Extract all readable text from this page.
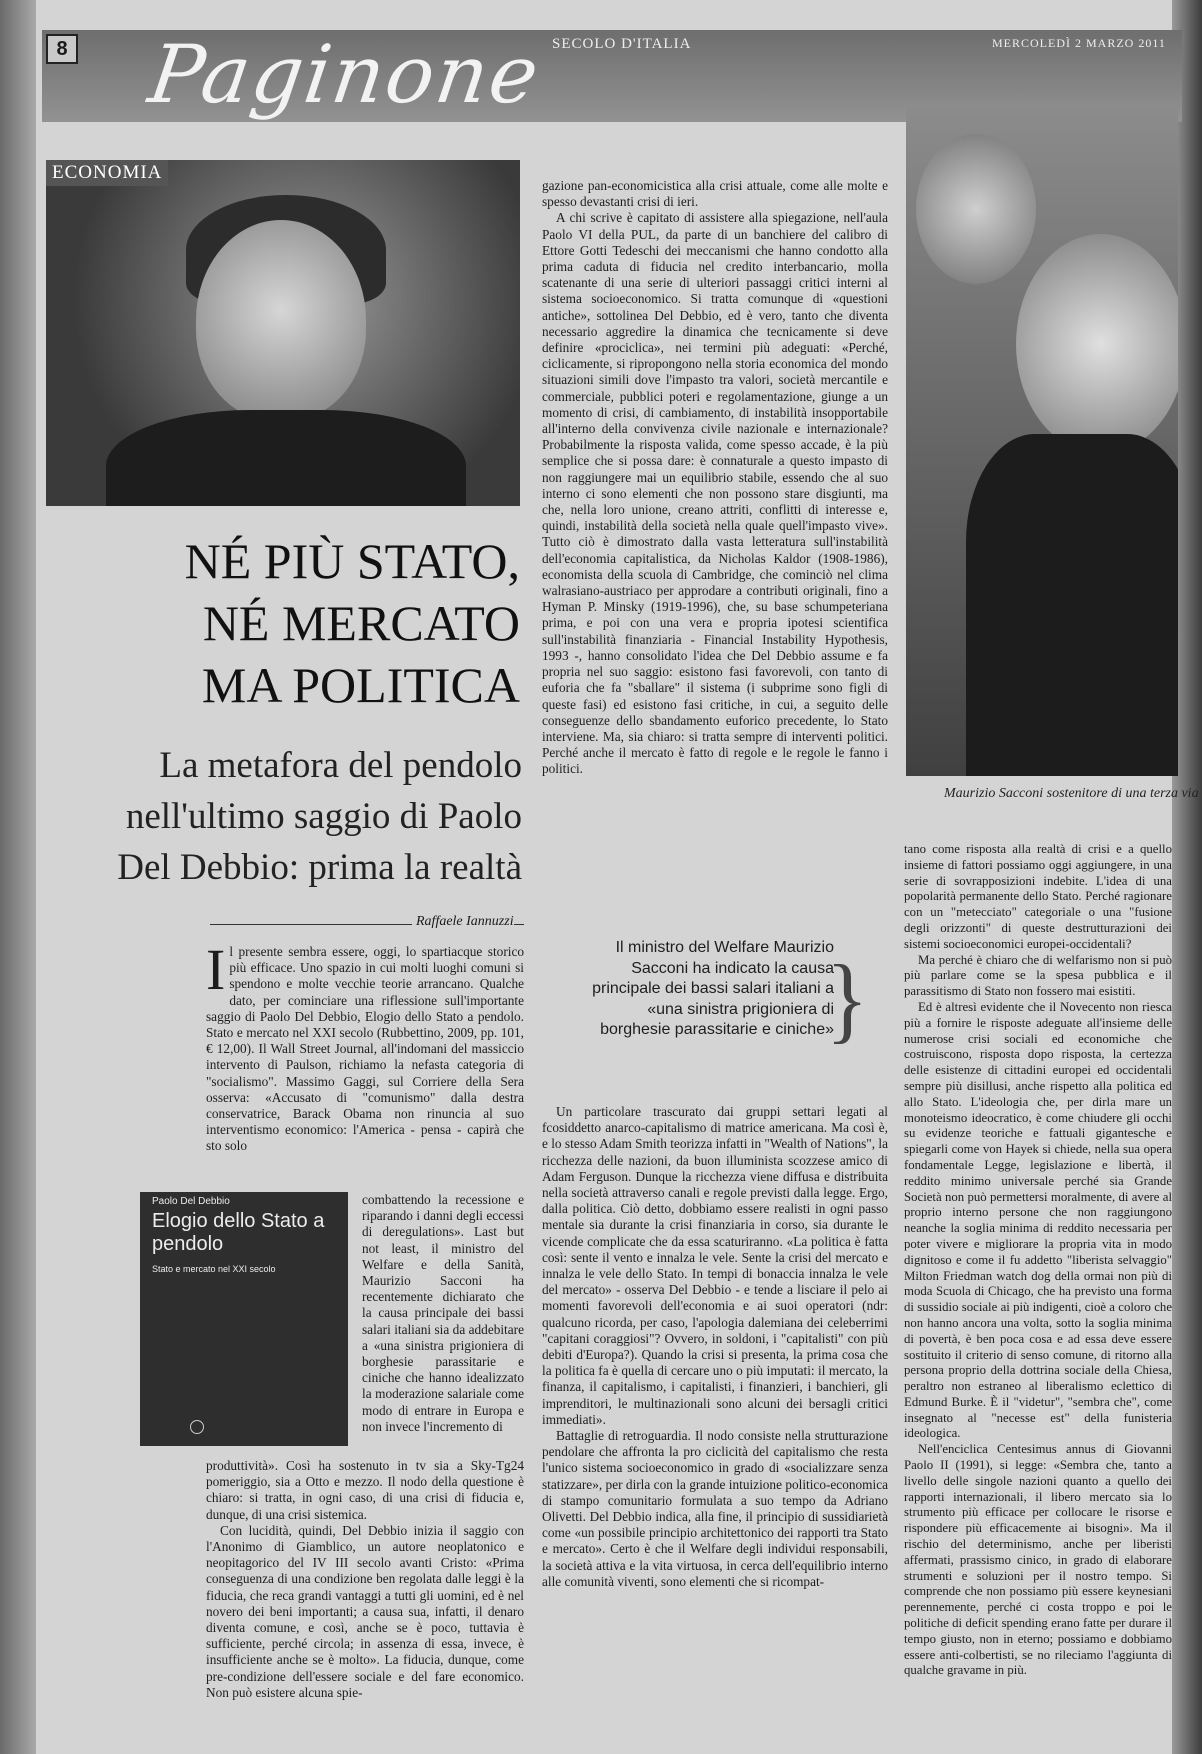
8	SECOLO D'ITALIA	MERCOLEDÌ 2 MARZO 2011
Paginone
ECONOMIA
Maurizio Sacconi sostenitore di una terza via
NÉ PIÙ STATO,
NÉ MERCATO
MA POLITICA
La metafora del pendolo
nell'ultimo saggio di Paolo
Del Debbio: prima la realtà
Raffaele Iannuzzi
I l presente sembra essere, oggi, lo spartiacque storico più efficace. Uno spazio in cui molti luoghi comuni si spendono e molte vecchie teorie arrancano. Qualche dato, per cominciare una riflessione sull'importante saggio di Paolo Del Debbio, Elogio dello Stato a pendolo. Stato e mercato nel XXI secolo (Rubbettino, 2009, pp. 101, € 12,00). Il Wall Street Journal, all'indomani del massiccio intervento di Paulson, richiamo la nefasta categoria di "socialismo". Massimo Gaggi, sul Corriere della Sera osserva: «Accusato di "comunismo" dalla destra conservatrice, Barack Obama non rinuncia al suo interventismo economico: l'America - pensa - capirà che sto solo
Paolo Del Debbio
Elogio dello Stato a pendolo
Stato e mercato nel XXI secolo
combattendo la recessione e riparando i danni degli eccessi di deregulations». Last but not least, il ministro del Welfare e della Sanità, Maurizio Sacconi ha recentemente dichiarato che la causa principale dei bassi salari italiani sia da addebitare a «una sinistra prigioniera di borghesie parassitarie e ciniche che hanno idealizzato la moderazione salariale come modo di entrare in Europa e non invece l'incremento di

produttività». Così ha sostenuto in tv sia a Sky-Tg24 pomeriggio, sia a Otto e mezzo. Il nodo della questione è chiaro: si tratta, in ogni caso, di una crisi di fiducia e, dunque, di una crisi sistemica.

Con lucidità, quindi, Del Debbio inizia il saggio con l'Anonimo di Giamblico, un autore neoplatonico e neopitagorico del IV III secolo avanti Cristo: «Prima conseguenza di una condizione ben regolata dalle leggi è la fiducia, che reca grandi vantaggi a tutti gli uomini, ed è nel novero dei beni importanti; a causa sua, infatti, il denaro diventa comune, e così, anche se è poco, tuttavia è sufficiente, perché circola; in assenza di essa, invece, è insufficiente anche se è molto». La fiducia, dunque, come pre-condizione dell'essere sociale e del fare economico. Non può esistere alcuna spie-

gazione pan-economicistica alla crisi attuale, come alle molte e spesso devastanti crisi di ieri.

A chi scrive è capitato di assistere alla spiegazione, nell'aula Paolo VI della PUL, da parte di un banchiere del calibro di Ettore Gotti Tedeschi dei meccanismi che hanno condotto alla prima caduta di fiducia nel credito interbancario, molla scatenante di una serie di ulteriori passaggi critici interni al sistema socioeconomico. Si tratta comunque di «questioni antiche», sottolinea Del Debbio, ed è vero, tanto che diventa necessario aggredire la dinamica che tecnicamente si deve definire «prociclica», nei termini più adeguati: «Perché, ciclicamente, si ripropongono nella storia economica del mondo situazioni simili dove l'impasto tra valori, società mercantile e commerciale, pubblici poteri e regolamentazione, giunge a un momento di crisi, di cambiamento, di instabilità insopportabile all'interno della convivenza civile nazionale e internazionale? Probabilmente la risposta valida, come spesso accade, è la più semplice che si possa dare: è connaturale a questo impasto di non raggiungere mai un equilibrio stabile, essendo che al suo interno ci sono elementi che non possono stare disgiunti, ma che, nella loro unione, creano attriti, conflitti di interesse e, quindi, instabilità della società nella quale quell'impasto vive». Tutto ciò è dimostrato dalla vasta letteratura sull'instabilità dell'economia capitalistica, da Nicholas Kaldor (1908-1986), economista della scuola di Cambridge, che cominciò nel clima walrasiano-austriaco per approdare a contributi originali, fino a Hyman P. Minsky (1919-1996), che, su base schumpeteriana prima, e poi con una vera e propria ipotesi scientifica sull'instabilità finanziaria - Financial Instability Hypothesis, 1993 -, hanno consolidato l'idea che Del Debbio assume e fa propria nel suo saggio: esistono fasi favorevoli, con tanto di euforia che fa "sballare" il sistema (i subprime sono figli di queste fasi) ed esistono fasi critiche, in cui, a seguito delle conseguenze dello sbandamento euforico precedente, lo Stato interviene. Ma, sia chiaro: si tratta sempre di interventi politici. Perché anche il mercato è fatto di regole e le regole le fanno i politici.

Il ministro del Welfare Maurizio Sacconi ha indicato la causa principale dei bassi salari italiani a «una sinistra prigioniera di borghesie parassitarie e ciniche»
}

Un particolare trascurato dai gruppi settari legati al fcosiddetto anarco-capitalismo di matrice americana. Ma così è, e lo stesso Adam Smith teorizza infatti in "Wealth of Nations", la ricchezza delle nazioni, da buon illuminista scozzese amico di Adam Ferguson. Dunque la ricchezza viene diffusa e distribuita nella società attraverso canali e regole previsti dalla legge. Ergo, dalla politica. Ciò detto, dobbiamo essere realisti in ogni passo mentale sia durante la crisi finanziaria in corso, sia durante le vicende complicate che da essa scaturiranno. «La politica è fatta così: sente il vento e innalza le vele. Sente la crisi del mercato e innalza le vele dello Stato. In tempi di bonaccia innalza le vele del mercato» - osserva Del Debbio - e tende a lisciare il pelo ai momenti favorevoli dell'economia e ai suoi operatori (ndr: qualcuno ricorda, per caso, l'apologia dalemiana dei celeberrimi "capitani coraggiosi"? Ovvero, in soldoni, i "capitalisti" con più debiti d'Europa?). Quando la crisi si presenta, la prima cosa che la politica fa è quella di cercare uno o più imputati: il mercato, la finanza, il capitalismo, i capitalisti, i finanzieri, i banchieri, gli imprenditori, le multinazionali sono alcuni dei bersagli critici immediati».

Battaglie di retroguardia. Il nodo consiste nella strutturazione pendolare che affronta la pro ciclicità del capitalismo che resta l'unico sistema socioeconomico in grado di «socializzare senza statizzare», per dirla con la grande intuizione politico-economica di stampo comunitario formulata a suo tempo da Adriano Olivetti. Del Debbio indica, alla fine, il principio di sussidiarietà come «un possibile principio architettonico dei rapporti tra Stato e mercato». Certo è che il Welfare degli individui responsabili, la società attiva e la vita virtuosa, in cerca dell'equilibrio interno alle comunità viventi, sono elementi che si ricompat-

tano come risposta alla realtà di crisi e a quello insieme di fattori possiamo oggi aggiungere, in una serie di sovrapposizioni indebite. L'idea di una popolarità permanente dello Stato. Perché ragionare con un "metecciato" categoriale o una "fusione degli orizzonti" di queste destrutturazioni dei sistemi socioeconomici europei-occidentali?

Ma perché è chiaro che di welfarismo non si può più parlare come se la spesa pubblica e il parassitismo di Stato non fossero mai esistiti.

Ed è altresì evidente che il Novecento non riesca più a fornire le risposte adeguate all'insieme delle numerose crisi sociali ed economiche che costruiscono, risposta dopo risposta, la certezza delle esistenze di cittadini europei ed occidentali sempre più disillusi, anche rispetto alla politica ed allo Stato. L'ideologia che, per dirla mare un monoteismo ideocratico, è come chiudere gli occhi su evidenze teoriche e fattuali gigantesche e spiegarli come von Hayek si chiede, nella sua opera fondamentale Legge, legislazione e libertà, il reddito minimo universale perché sia Grande Società non può permettersi moralmente, di avere al proprio interno persone che non raggiungono neanche la soglia minima di reddito necessaria per poter vivere e migliorare la propria vita in modo dignitoso e come il fu addetto "liberista selvaggio" Milton Friedman watch dog della ormai non più di moda Scuola di Chicago, che ha previsto una forma di sussidio sociale ai più indigenti, cioè a coloro che non hanno ancora una volta, sotto la soglia minima di povertà, è ben poca cosa e ad essa deve essere sostituito il criterio di senso comune, di ritorno alla persona proprio della dottrina sociale della Chiesa, peraltro non estraneo al liberalismo eclettico di Edmund Burke. È il "videtur", "sembra che", come insegnato al "necesse est" della funisteria ideologica.

Nell'enciclica Centesimus annus di Giovanni Paolo II (1991), si legge: «Sembra che, tanto a livello delle singole nazioni quanto a quello dei rapporti internazionali, il libero mercato sia lo strumento più efficace per collocare le risorse e rispondere più efficacemente ai bisogni». Ma il rischio del determinismo, anche per liberisti affermati, prassismo cinico, in grado di elaborare strumenti e soluzioni per il nostro tempo. Si comprende che non possiamo più essere keynesiani perennemente, perché ci costa troppo e poi le politiche di deficit spending erano fatte per durare il tempo giusto, non in eterno; possiamo e dobbiamo essere anti-colbertisti, se no rileciamo l'aggiunta di qualche gravame in più.
